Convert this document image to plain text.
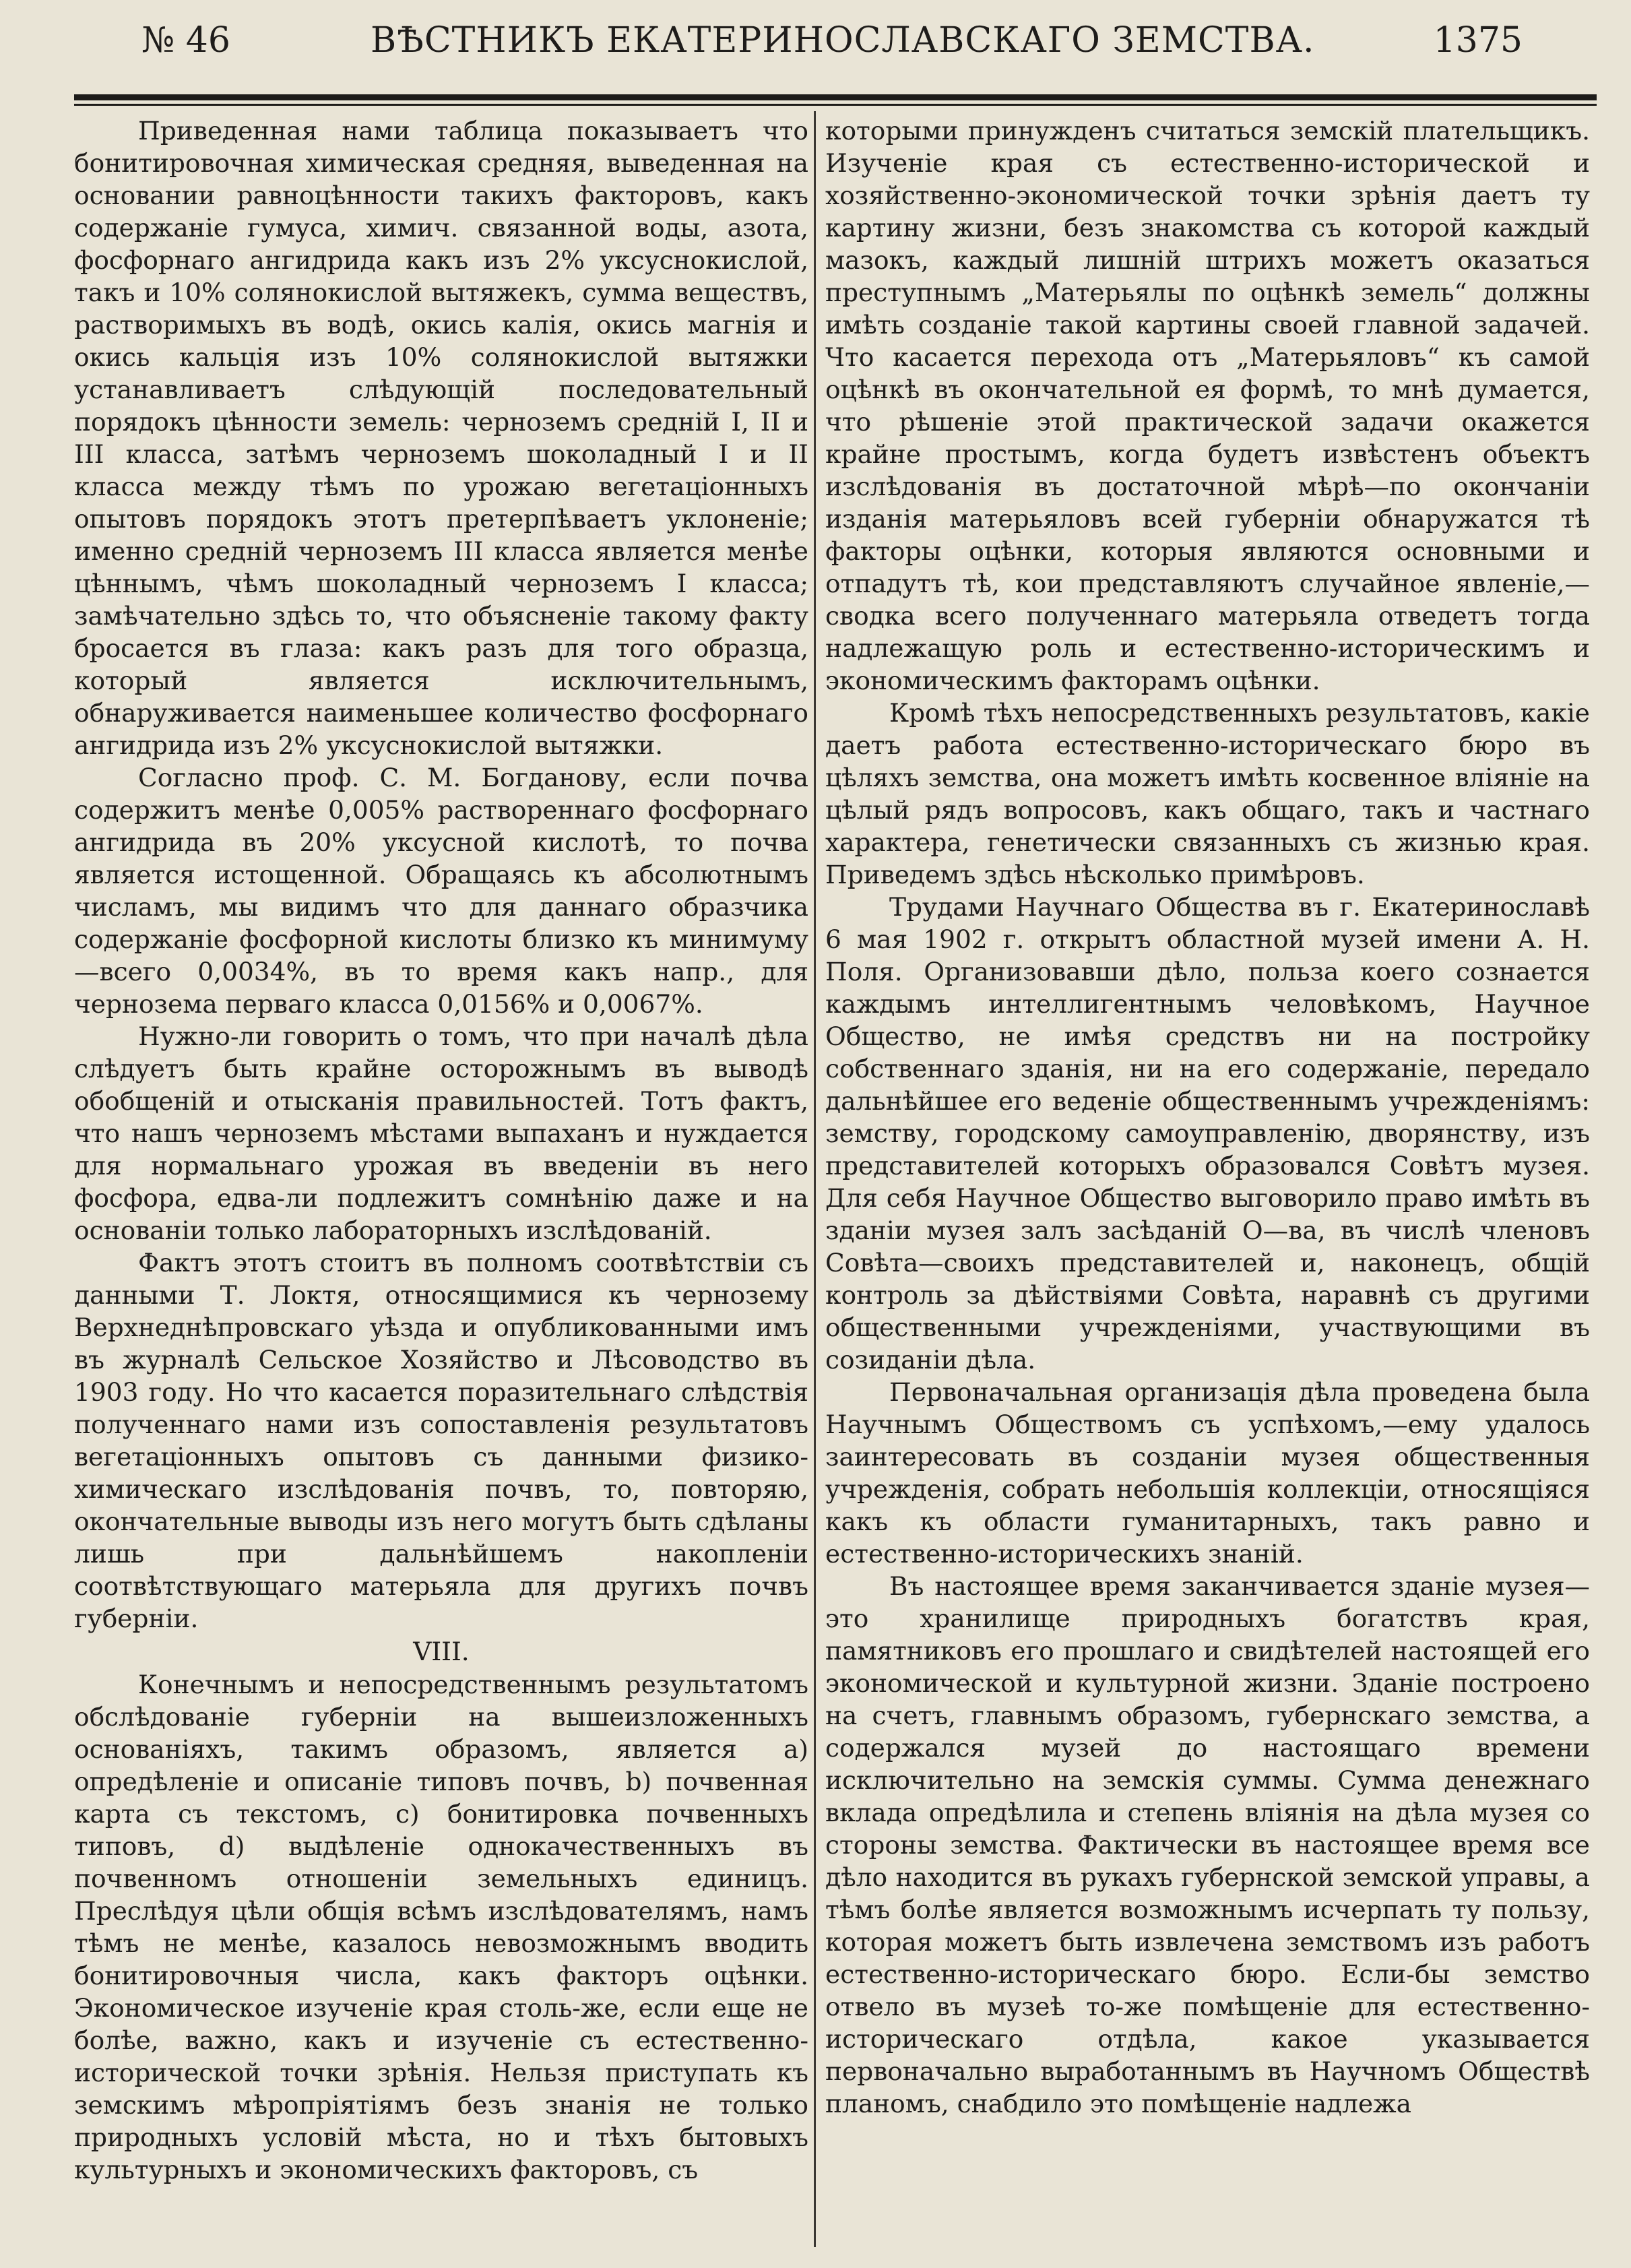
№ 46	ВѢСТНИКЪ ЕКАТЕРИНОСЛАВСКАГО ЗЕМСТВА.	1375

Приведенная нами таблица показываетъ что бонитировочная химическая средняя, выведенная на основании равноцѣнности такихъ факторовъ, какъ содержаніе гумуса, химич. связанной воды, азота, фосфорнаго ангидрида какъ изъ 2% уксуснокислой, такъ и 10% солянокислой вытяжекъ, сумма веществъ, растворимыхъ въ водѣ, окись калія, окись магнія и окись кальція изъ 10% солянокислой вытяжки устанавливаетъ слѣдующій последовательный порядокъ цѣнности земель: черноземъ средній I, II и III класса, затѣмъ черноземъ шоколадный I и II класса между тѣмъ по урожаю вегетаціонныхъ опытовъ порядокъ этотъ претерпѣваетъ уклоненіе; именно средній черноземъ III класса является менѣе цѣннымъ, чѣмъ шоколадный черноземъ I класса; замѣчательно здѣсь то, что объясненіе такому факту бросается въ глаза: какъ разъ для того образца, который является исключительнымъ, обнаруживается наименьшее количество фосфорнаго ангидрида изъ 2% уксуснокислой вытяжки.

Согласно проф. С. М. Богданову, если почва содержитъ менѣе 0,005% раствореннаго фосфорнаго ангидрида въ 20% уксусной кислотѣ, то почва является истощенной. Обращаясь къ абсолютнымъ числамъ, мы видимъ что для даннаго образчика содержаніе фосфорной кислоты близко къ минимуму—всего 0,0034%, въ то время какъ напр., для чернозема перваго класса 0,0156% и 0,0067%.

Нужно-ли говорить о томъ, что при началѣ дѣла слѣдуетъ быть крайне осторожнымъ въ выводѣ обобщеній и отысканія правильностей. Тотъ фактъ, что нашъ черноземъ мѣстами выпаханъ и нуждается для нормальнаго урожая въ введеніи въ него фосфора, едва-ли подлежитъ сомнѣнію даже и на основаніи только лабораторныхъ изслѣдованій.

Фактъ этотъ стоитъ въ полномъ соотвѣтствіи съ данными Т. Локтя, относящимися къ чернозему Верхнеднѣпровскаго уѣзда и опубликованными имъ въ журналѣ Сельское Хозяйство и Лѣсоводство въ 1903 году. Но что касается поразительнаго слѣдствія полученнаго нами изъ сопоставленія результатовъ вегетаціонныхъ опытовъ съ данными физико-химическаго изслѣдованія почвъ, то, повторяю, окончательные выводы изъ него могутъ быть сдѣланы лишь при дальнѣйшемъ накопленіи соотвѣтствующаго матерьяла для другихъ почвъ губерніи.

VIII.

Конечнымъ и непосредственнымъ результатомъ обслѣдованіе губерніи на вышеизложенныхъ основаніяхъ, такимъ образомъ, является a) опредѣленіе и описаніе типовъ почвъ, b) почвенная карта съ текстомъ, c) бонитировка почвенныхъ типовъ, d) выдѣленіе однокачественныхъ въ почвенномъ отношеніи земельныхъ единицъ. Преслѣдуя цѣли общія всѣмъ изслѣдователямъ, намъ тѣмъ не менѣе, казалось невозможнымъ вводить бонитировочныя числа, какъ факторъ оцѣнки. Экономическое изученіе края столь-же, если еще не болѣе, важно, какъ и изученіе съ естественно-исторической точки зрѣнія. Нельзя приступать къ земскимъ мѣропріятіямъ безъ знанія не только природныхъ условій мѣста, но и тѣхъ бытовыхъ культурныхъ и экономическихъ факторовъ, съ

которыми принужденъ считаться земскій плательщикъ. Изученіе края съ естественно-исторической и хозяйственно-экономической точки зрѣнія даетъ ту картину жизни, безъ знакомства съ которой каждый мазокъ, каждый лишній штрихъ можетъ оказаться преступнымъ „Матерьялы по оцѣнкѣ земель“ должны имѣть созданіе такой картины своей главной задачей. Что касается перехода отъ „Матерьяловъ“ къ самой оцѣнкѣ въ окончательной ея формѣ, то мнѣ думается, что рѣшеніе этой практической задачи окажется крайне простымъ, когда будетъ извѣстенъ объектъ изслѣдованія въ достаточной мѣрѣ—по окончаніи изданія матерьяловъ всей губерніи обнаружатся тѣ факторы оцѣнки, которыя являются основными и отпадутъ тѣ, кои представляютъ случайное явленіе,—сводка всего полученнаго матерьяла отведетъ тогда надлежащую роль и естественно-историческимъ и экономическимъ факторамъ оцѣнки.

Кромѣ тѣхъ непосредственныхъ результатовъ, какіе даетъ работа естественно-историческаго бюро въ цѣляхъ земства, она можетъ имѣть косвенное вліяніе на цѣлый рядъ вопросовъ, какъ общаго, такъ и частнаго характера, генетически связанныхъ съ жизнью края. Приведемъ здѣсь нѣсколько примѣровъ.

Трудами Научнаго Общества въ г. Екатеринославѣ 6 мая 1902 г. открытъ областной музей имени А. Н. Поля. Организовавши дѣло, польза коего сознается каждымъ интеллигентнымъ человѣкомъ, Научное Общество, не имѣя средствъ ни на постройку собственнаго зданія, ни на его содержаніе, передало дальнѣйшее его веденіе общественнымъ учрежденіямъ: земству, городскому самоуправленію, дворянству, изъ представителей которыхъ образовался Совѣтъ музея. Для себя Научное Общество выговорило право имѣть въ зданіи музея залъ засѣданій О—ва, въ числѣ членовъ Совѣта—своихъ представителей и, наконецъ, общій контроль за дѣйствіями Совѣта, наравнѣ съ другими общественными учрежденіями, участвующими въ созиданіи дѣла.

Первоначальная организація дѣла проведена была Научнымъ Обществомъ съ успѣхомъ,—ему удалось заинтересовать въ созданіи музея общественныя учрежденія, собрать небольшія коллекціи, относящіяся какъ къ области гуманитарныхъ, такъ равно и естественно-историческихъ знаній.

Въ настоящее время заканчивается зданіе музея—это хранилище природныхъ богатствъ края, памятниковъ его прошлаго и свидѣтелей настоящей его экономической и культурной жизни. Зданіе построено на счетъ, главнымъ образомъ, губернскаго земства, а содержался музей до настоящаго времени исключительно на земскія суммы. Сумма денежнаго вклада опредѣлила и степень вліянія на дѣла музея со стороны земства. Фактически въ настоящее время все дѣло находится въ рукахъ губернской земской управы, а тѣмъ болѣе является возможнымъ исчерпать ту пользу, которая можетъ быть извлечена земствомъ изъ работъ естественно-историческаго бюро. Если-бы земство отвело въ музеѣ то-же помѣщеніе для естественно-историческаго отдѣла, какое указывается первоначально выработаннымъ въ Научномъ Обществѣ планомъ, снабдило это помѣщеніе надлежа
